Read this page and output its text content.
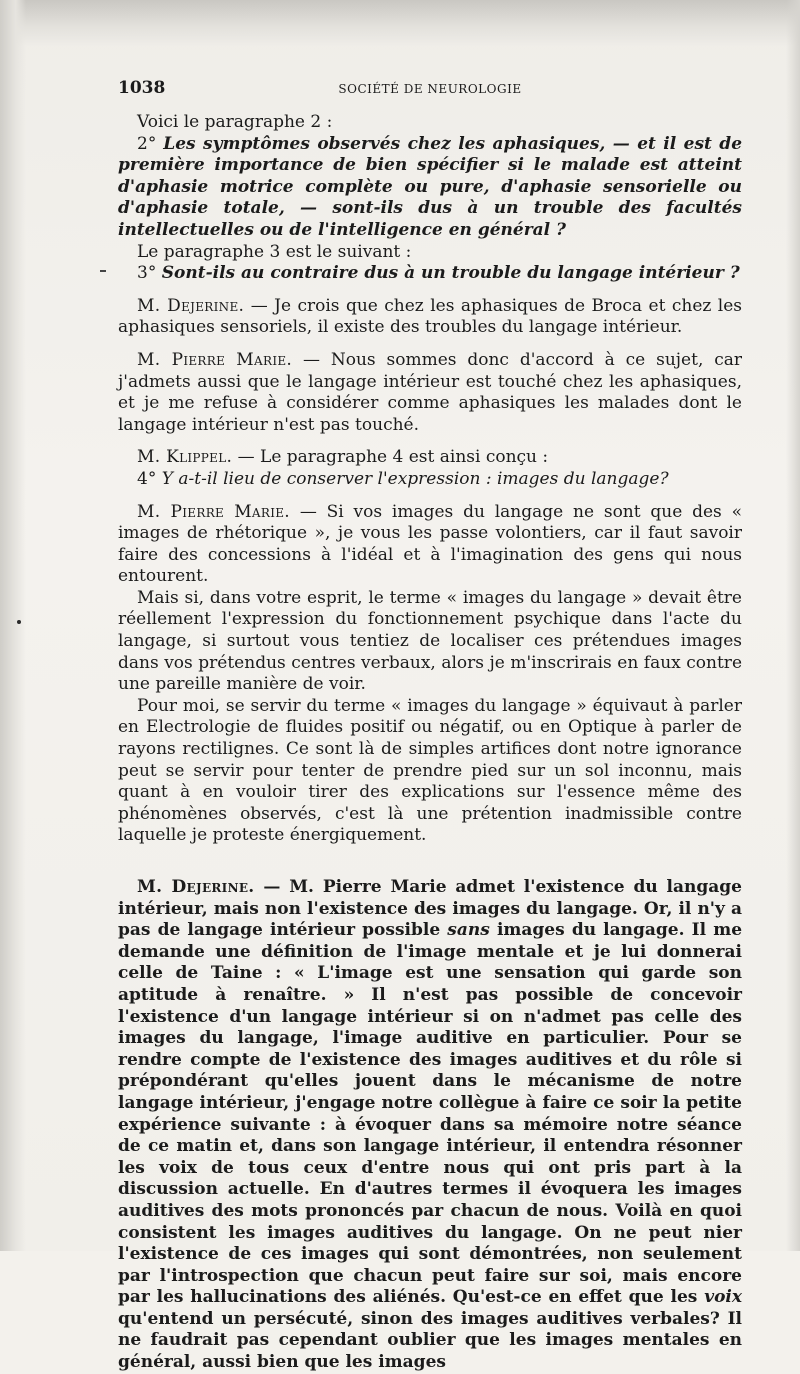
1038	SOCIÉTÉ DE NEUROLOGIE

Voici le paragraphe 2 :

2° Les symptômes observés chez les aphasiques, — et il est de première importance de bien spécifier si le malade est atteint d'aphasie motrice complète ou pure, d'aphasie sensorielle ou d'aphasie totale, — sont-ils dus à un trouble des facultés intellectuelles ou de l'intelligence en général ?

Le paragraphe 3 est le suivant :

3° Sont-ils au contraire dus à un trouble du langage intérieur ?

M. Dejerine. — Je crois que chez les aphasiques de Broca et chez les aphasiques sensoriels, il existe des troubles du langage intérieur.

M. Pierre Marie. — Nous sommes donc d'accord à ce sujet, car j'admets aussi que le langage intérieur est touché chez les aphasiques, et je me refuse à considérer comme aphasiques les malades dont le langage intérieur n'est pas touché.

M. Klippel. — Le paragraphe 4 est ainsi conçu :

4° Y a-t-il lieu de conserver l'expression : images du langage?

M. Pierre Marie. — Si vos images du langage ne sont que des « images de rhétorique », je vous les passe volontiers, car il faut savoir faire des concessions à l'idéal et à l'imagination des gens qui nous entourent.

Mais si, dans votre esprit, le terme « images du langage » devait être réellement l'expression du fonctionnement psychique dans l'acte du langage, si surtout vous tentiez de localiser ces prétendues images dans vos prétendus centres verbaux, alors je m'inscrirais en faux contre une pareille manière de voir.

Pour moi, se servir du terme « images du langage » équivaut à parler en Electrologie de fluides positif ou négatif, ou en Optique à parler de rayons rectilignes. Ce sont là de simples artifices dont notre ignorance peut se servir pour tenter de prendre pied sur un sol inconnu, mais quant à en vouloir tirer des explications sur l'essence même des phénomènes observés, c'est là une prétention inadmissible contre laquelle je proteste énergiquement.

M. Dejerine. — M. Pierre Marie admet l'existence du langage intérieur, mais non l'existence des images du langage. Or, il n'y a pas de langage intérieur possible sans images du langage. Il me demande une définition de l'image mentale et je lui donnerai celle de Taine : « L'image est une sensation qui garde son aptitude à renaître. » Il n'est pas possible de concevoir l'existence d'un langage intérieur si on n'admet pas celle des images du langage, l'image auditive en particulier. Pour se rendre compte de l'existence des images auditives et du rôle si prépondérant qu'elles jouent dans le mécanisme de notre langage intérieur, j'engage notre collègue à faire ce soir la petite expérience suivante : à évoquer dans sa mémoire notre séance de ce matin et, dans son langage intérieur, il entendra résonner les voix de tous ceux d'entre nous qui ont pris part à la discussion actuelle. En d'autres termes il évoquera les images auditives des mots prononcés par chacun de nous. Voilà en quoi consistent les images auditives du langage. On ne peut nier l'existence de ces images qui sont démontrées, non seulement par l'introspection que chacun peut faire sur soi, mais encore par les hallucinations des aliénés. Qu'est-ce en effet que les voix qu'entend un persécuté, sinon des images auditives verbales? Il ne faudrait pas cependant oublier que les images mentales en général, aussi bien que les images
